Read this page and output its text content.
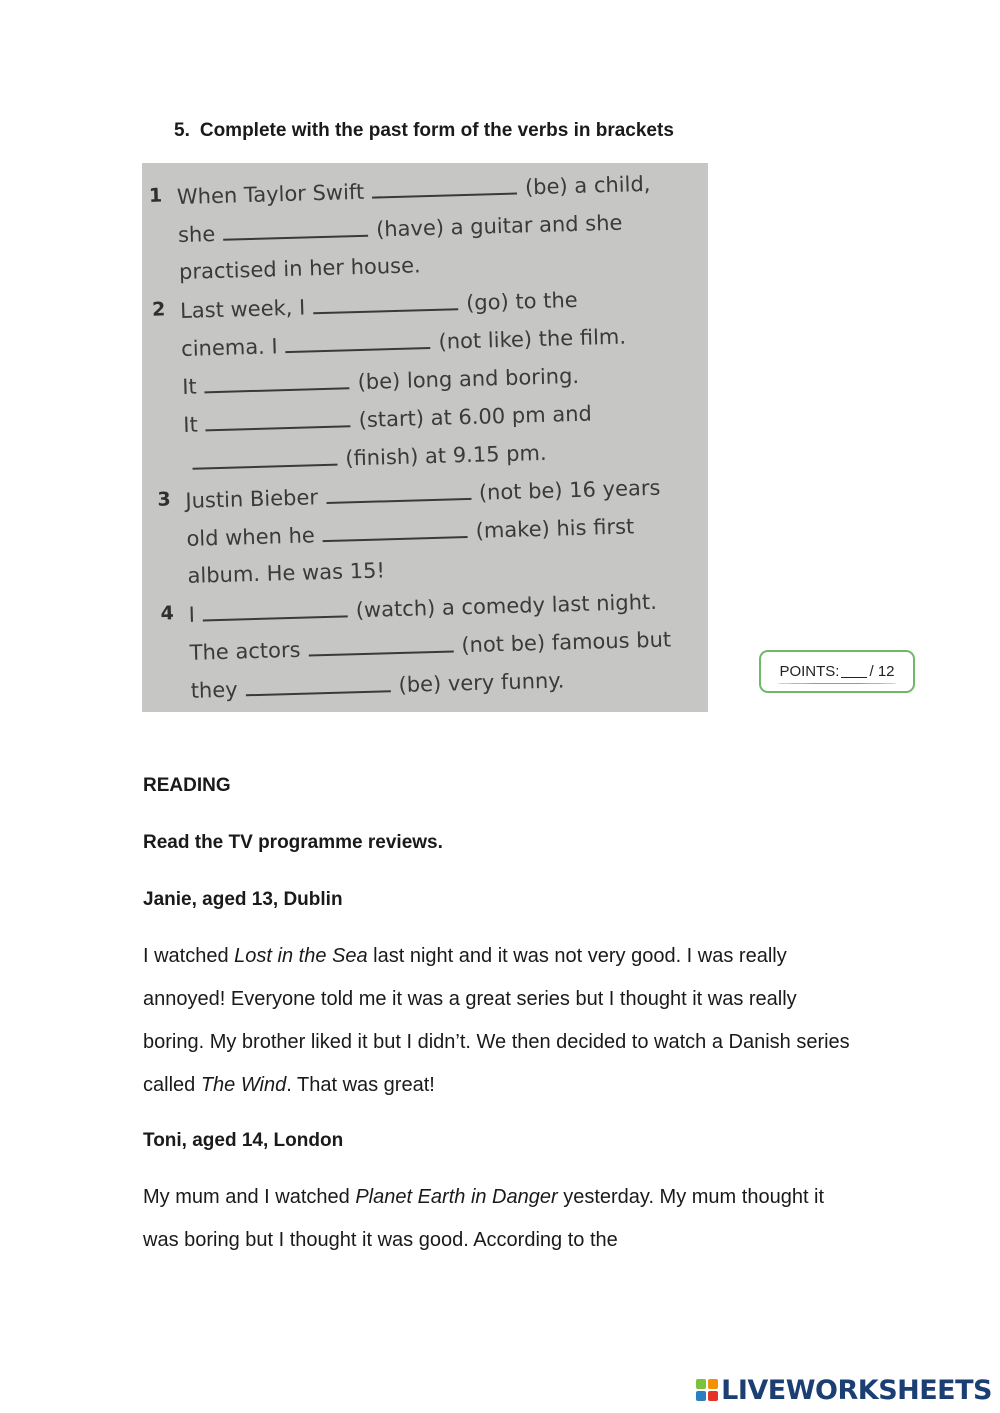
5. Complete with the past form of the verbs in brackets
1 When Taylor Swift	(be) a child,
she	(have) a guitar and she
practised in her house.
2 Last week, I	(go) to the
cinema. I	(not like) the film.
It	(be) long and boring.
It	(start) at 6.00 pm and
(finish) at 9.15 pm.
3 Justin Bieber	(not be) 16 years
old when he	(make) his first
album. He was 15!
4 I	(watch) a comedy last night.
The actors	(not be) famous but
they	(be) very funny.	POINTS: / 12
READING
Read the TV programme reviews.
Janie, aged 13, Dublin
I watched Lost in the Sea last night and it was not very good. I was really annoyed! Everyone told me it was a great series but I thought it was really boring. My brother liked it but I didn’t. We then decided to watch a Danish series called The Wind. That was great!
Toni, aged 14, London
My mum and I watched Planet Earth in Danger yesterday. My mum thought it was boring but I thought it was good. According to the
LIVEWORKSHEETS
